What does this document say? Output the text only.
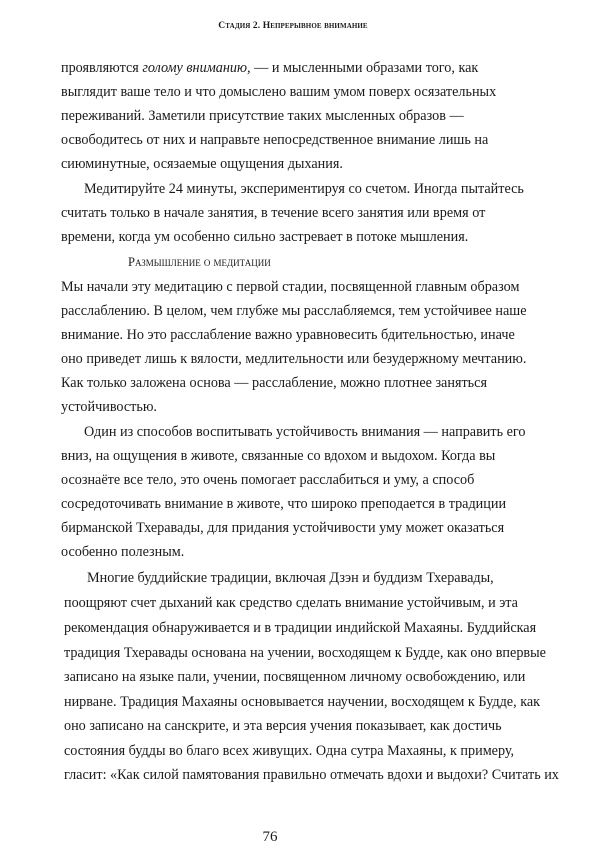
Стадия 2. Непрерывное внимание
проявляются голому вниманию, — и мысленными образами того, как
выглядит ваше тело и что домыслено вашим умом поверх осязательных
переживаний. Заметили присутствие таких мысленных образов —
освободитесь от них и направьте непосредственное внимание лишь на
сиюминутные, осязаемые ощущения дыхания.
Медитируйте 24 минуты, экспериментируя со счетом. Иногда пытайтесь
считать только в начале занятия, в течение всего занятия или время от
времени, когда ум особенно сильно застревает в потоке мышления.
Размышление о медитации
Мы начали эту медитацию с первой стадии, посвященной главным образом
расслаблению. В целом, чем глубже мы расслабляемся, тем устойчивее наше
внимание. Но это расслабление важно уравновесить бдительностью, иначе
оно приведет лишь к вялости, медлительности или безудержному мечтанию.
Как только заложена основа — расслабление, можно плотнее заняться
устойчивостью.
Один из способов воспитывать устойчивость внимания — направить его
вниз, на ощущения в животе, связанные со вдохом и выдохом. Когда вы
осознаёте все тело, это очень помогает расслабиться и уму, а способ
сосредоточивать внимание в животе, что широко преподается в традиции
бирманской Тхеравады, для придания устойчивости уму может оказаться
особенно полезным.
Многие буддийские традиции, включая Дзэн и буддизм Тхеравады,
поощряют счет дыханий как средство сделать внимание устойчивым, и эта
рекомендация обнаруживается и в традиции индийской Махаяны. Буддийская
традиция Тхеравады основана на учении, восходящем к Будде, как оно впервые
записано на языке пали, учении, посвященном личному освобождению, или
нирване. Традиция Махаяны основывается научении, восходящем к Будде, как
оно записано на санскрите, и эта версия учения показывает, как достичь
состояния будды во благо всех живущих. Одна сутра Махаяны, к примеру,
гласит: «Как силой памятования правильно отмечать вдохи и выдохи? Считать их
76
